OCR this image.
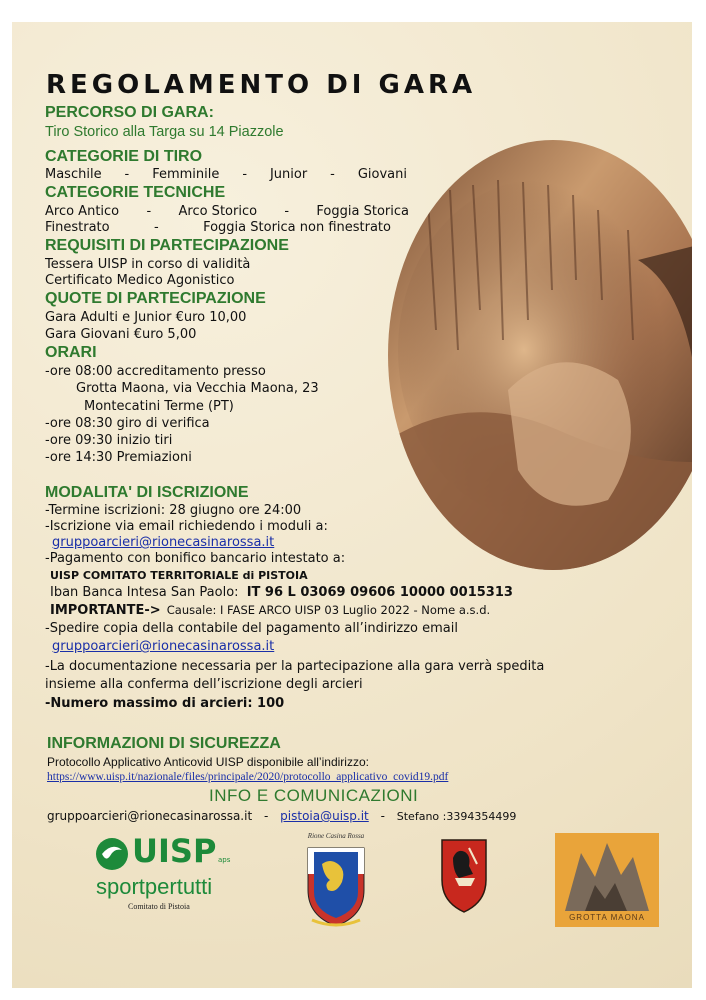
REGOLAMENTO DI GARA
PERCORSO DI GARA:
Tiro Storico alla Targa su 14 Piazzole
CATEGORIE DI TIRO
Maschile - Femminile - Junior - Giovani
CATEGORIE TECNICHE
Arco Antico - Arco Storico - Foggia Storica
Finestrato	-	Foggia Storica non finestrato
REQUISITI DI PARTECIPAZIONE
Tessera UISP in corso di validità
Certificato Medico Agonistico
QUOTE DI PARTECIPAZIONE
Gara Adulti e Junior €uro 10,00
Gara Giovani €uro 5,00
ORARI
-ore 08:00 accreditamento presso
Grotta Maona, via Vecchia Maona, 23
Montecatini Terme (PT)
-ore 08:30 giro di verifica
-ore 09:30 inizio tiri
-ore 14:30 Premiazioni
MODALITA' DI ISCRIZIONE
-Termine iscrizioni: 28 giugno ore 24:00
-Iscrizione via email richiedendo i moduli a:
gruppoarcieri@rionecasinarossa.it
-Pagamento con bonifico bancario intestato a:
UISP COMITATO TERRITORIALE di PISTOIA
Iban Banca Intesa San Paolo: IT 96 L 03069 09606 10000 0015313
IMPORTANTE-> Causale: I FASE ARCO UISP 03 Luglio 2022 - Nome a.s.d.
-Spedire copia della contabile del pagamento all’indirizzo email
gruppoarcieri@rionecasinarossa.it
-La documentazione necessaria per la partecipazione alla gara verrà spedita
insieme alla conferma dell’iscrizione degli arcieri
-Numero massimo di arcieri: 100
INFORMAZIONI DI SICUREZZA
Protocollo Applicativo Anticovid UISP disponibile all’indirizzo:
https://www.uisp.it/nazionale/files/principale/2020/protocollo_applicativo_covid19.pdf
INFO E COMUNICAZIONI
gruppoarcieri@rionecasinarossa.it - pistoia@uisp.it - Stefano :3394354499
UISP aps
sportpertutti
Comitato di Pistoia
Rione Casina Rossa
GROTTA MAONA
